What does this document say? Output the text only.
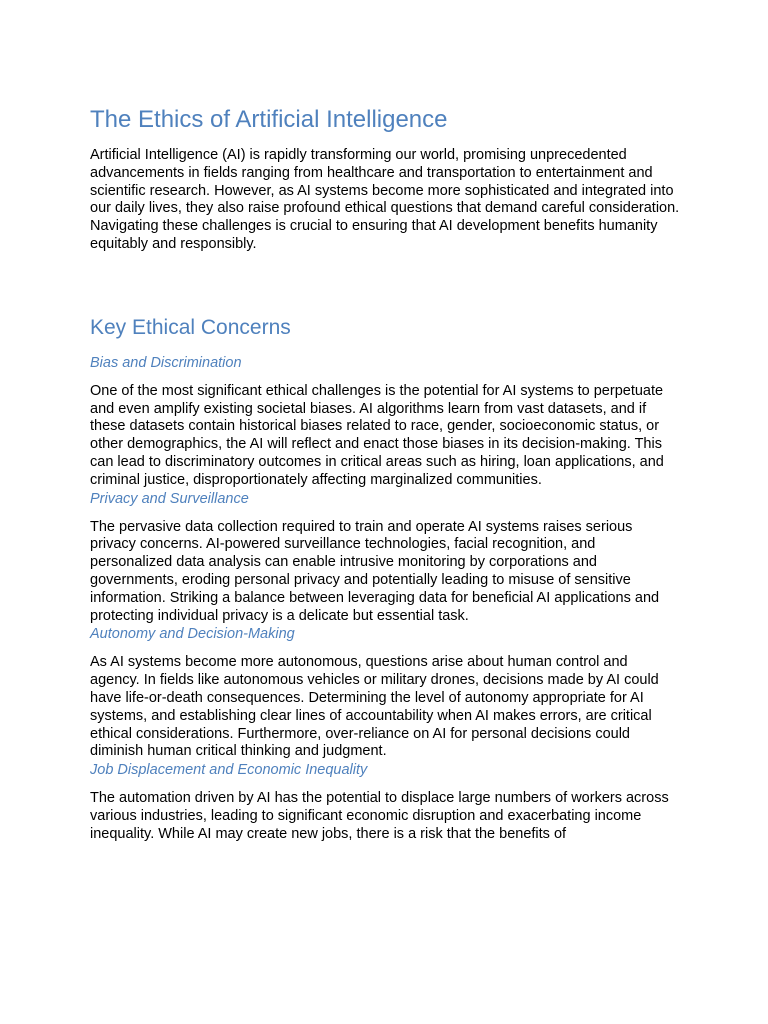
The Ethics of Artificial Intelligence

Artificial Intelligence (AI) is rapidly transforming our world, promising unprecedented advancements in fields ranging from healthcare and transportation to entertainment and scientific research. However, as AI systems become more sophisticated and integrated into our daily lives, they also raise profound ethical questions that demand careful consideration. Navigating these challenges is crucial to ensuring that AI development benefits humanity equitably and responsibly.

Key Ethical Concerns

Bias and Discrimination

One of the most significant ethical challenges is the potential for AI systems to perpetuate and even amplify existing societal biases. AI algorithms learn from vast datasets, and if these datasets contain historical biases related to race, gender, socioeconomic status, or other demographics, the AI will reflect and enact those biases in its decision-making. This can lead to discriminatory outcomes in critical areas such as hiring, loan applications, and criminal justice, disproportionately affecting marginalized communities.

Privacy and Surveillance

The pervasive data collection required to train and operate AI systems raises serious privacy concerns. AI-powered surveillance technologies, facial recognition, and personalized data analysis can enable intrusive monitoring by corporations and governments, eroding personal privacy and potentially leading to misuse of sensitive information. Striking a balance between leveraging data for beneficial AI applications and protecting individual privacy is a delicate but essential task.

Autonomy and Decision-Making

As AI systems become more autonomous, questions arise about human control and agency. In fields like autonomous vehicles or military drones, decisions made by AI could have life-or-death consequences. Determining the level of autonomy appropriate for AI systems, and establishing clear lines of accountability when AI makes errors, are critical ethical considerations. Furthermore, over-reliance on AI for personal decisions could diminish human critical thinking and judgment.

Job Displacement and Economic Inequality

The automation driven by AI has the potential to displace large numbers of workers across various industries, leading to significant economic disruption and exacerbating income inequality. While AI may create new jobs, there is a risk that the benefits of
